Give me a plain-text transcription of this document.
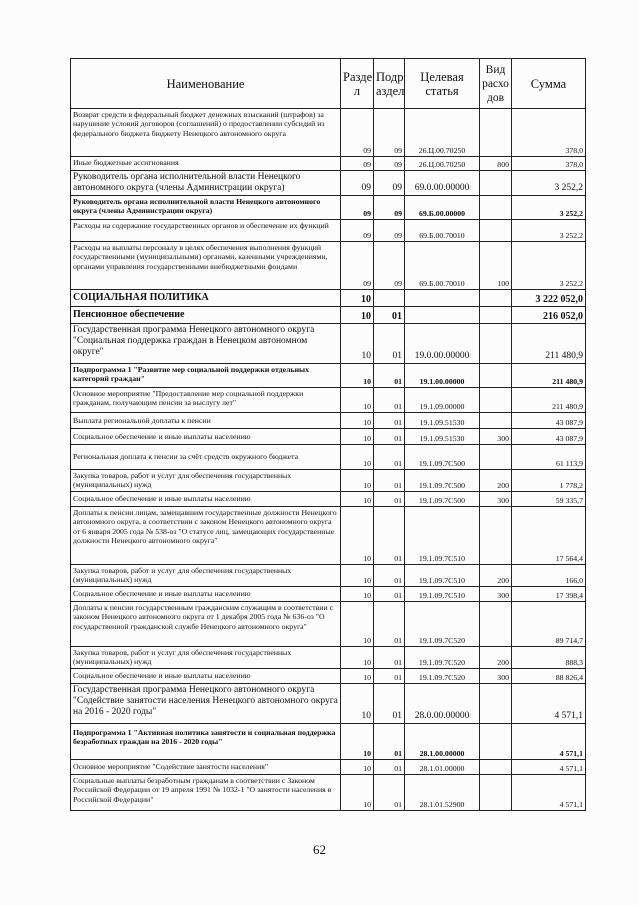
Наименование	Разде л	Подр аздел	Целевая статья	Вид расхо дов	Сумма
Возврат средств в федеральный бюджет денежных взысканий (штрафов) за нарушение условий договоров (соглашений) о предоставлении субсидий из федерального бюджета бюджету Ненецкого автономного округа	09	09	26.Ц.00.70250		378,0
Иные бюджетные ассигнования	09	09	26.Ц.00.70250	800	378,0
Руководитель органа исполнительной власти Ненецкого автономного округа (члены Администрации округа)	09	09	69.0.00.00000		3 252,2
Руководитель органа исполнительной власти Ненецкого автономного округа (члены Администрации округа)	09	09	69.Б.00.00000		3 252,2
Расходы на содержание государственных органов и обеспечение их функций	09	09	69.Б.00.70010		3 252,2
Расходы на выплаты персоналу в целях обеспечения выполнения функций государственными (муниципальными) органами, казенными учреждениями, органами управления государственными внебюджетными фондами	09	09	69.Б.00.70010	100	3 252,2
СОЦИАЛЬНАЯ ПОЛИТИКА	10				3 222 052,0
Пенсионное обеспечение	10	01			216 052,0
Государственная программа Ненецкого автономного округа "Социальная поддержка граждан в Ненецком автономном округе"	10	01	19.0.00.00000		211 480,9
Подпрограмма 1 "Развитие мер социальной поддержки отдельных категорий граждан"	10	01	19.1.00.00000		211 480,9
Основное мероприятие "Предоставление мер социальной поддержки гражданам, получающим пенсии за выслугу лет"	10	01	19.1.09.00000		211 480,9
Выплата региональной доплаты к пенсии	10	01	19.1.09.51530		43 087,9
Социальное обеспечение и иные выплаты населению	10	01	19.1.09.51530	300	43 087,9
Региональная доплата к пенсии за счёт средств окружного бюджета	10	01	19.1.09.7С500		61 113,9
Закупка товаров, работ и услуг для обеспечения государственных (муниципальных) нужд	10	01	19.1.09.7С500	200	1 778,2
Социальное обеспечение и иные выплаты населению	10	01	19.1.09.7С500	300	59 335,7
Доплаты к пенсии лицам, замещавшим государственные должности Ненецкого автономного округа, в соответствии с законом Ненецкого автономного округа от 6 января 2005 года № 538-оз "О статусе лиц, замещающих государственные должности Ненецкого автономного округа"	10	01	19.1.09.7С510		17 564,4
Закупка товаров, работ и услуг для обеспечения государственных (муниципальных) нужд	10	01	19.1.09.7С510	200	166,0
Социальное обеспечение и иные выплаты населению	10	01	19.1.09.7С510	300	17 398,4
Доплаты к пенсии государственным гражданским служащим в соответствии с законом Ненецкого автономного округа от 1 декабря 2005 года № 636-оз "О государственной гражданской службе Ненецкого автономного округа"	10	01	19.1.09.7С520		89 714,7
Закупка товаров, работ и услуг для обеспечения государственных (муниципальных) нужд	10	01	19.1.09.7С520	200	888,3
Социальное обеспечение и иные выплаты населению	10	01	19.1.09.7С520	300	88 826,4
Государственная программа Ненецкого автономного округа "Содействие занятости населения Ненецкого автономного округа на 2016 - 2020 годы"	10	01	28.0.00.00000		4 571,1
Подпрограмма 1 "Активная политика занятости и социальная поддержка безработных граждан на 2016 - 2020 годы"	10	01	28.1.00.00000		4 571,1
Основное мероприятие "Содействие занятости населения"	10	01	28.1.01.00000		4 571,1
Социальные выплаты безработным гражданам в соответствии с Законом Российской Федерации от 19 апреля 1991 № 1032-1 "О занятости населения в Российской Федерации"	10	01	28.1.01.52900		4 571,1
62
